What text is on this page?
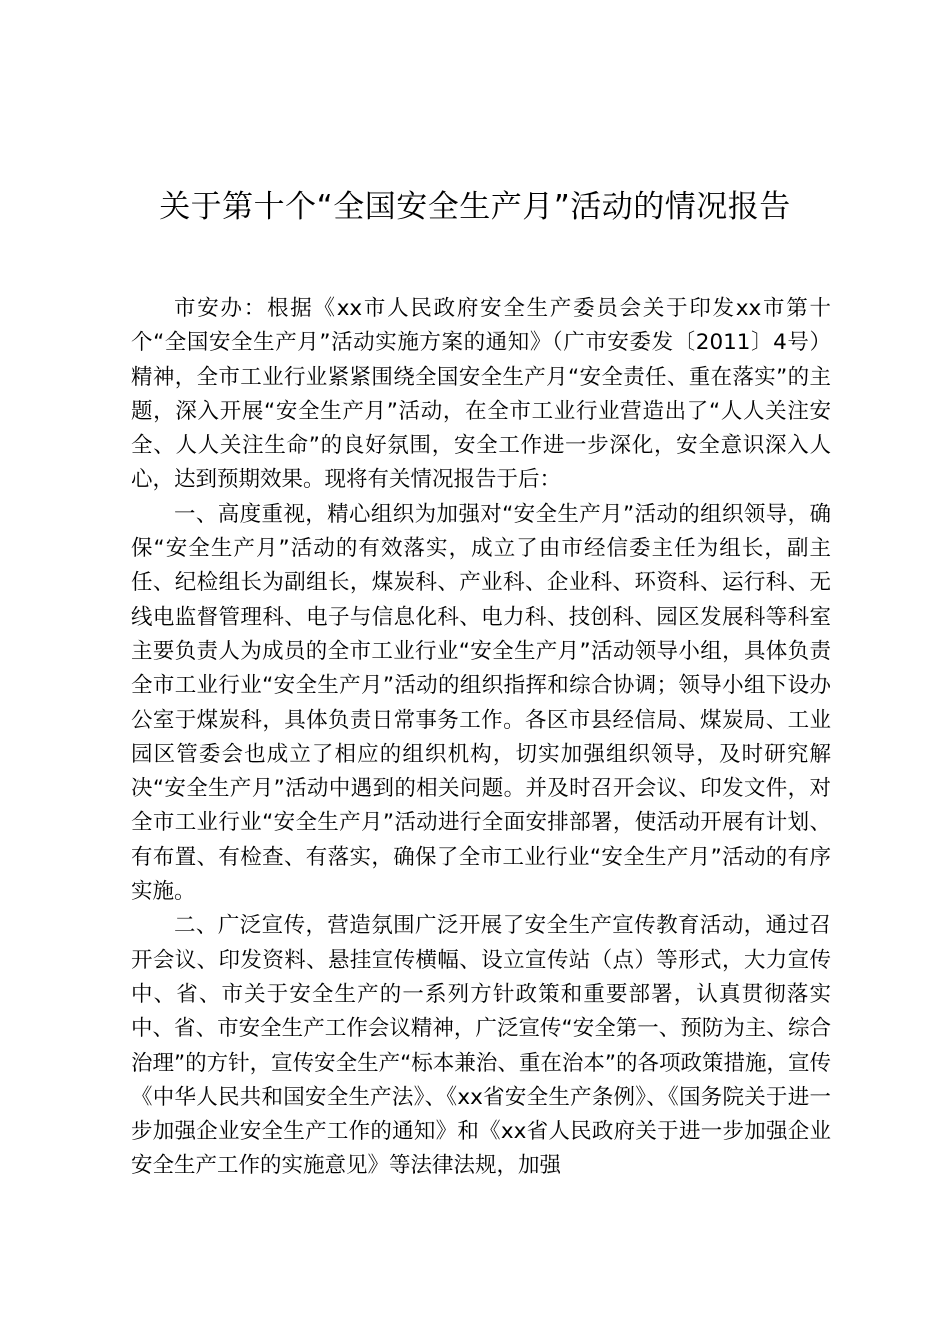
关于第十个“全国安全生产月”活动的情况报告

市安办：根据《xx市人民政府安全生产委员会关于印发xx市第十个“全国安全生产月”活动实施方案的通知》（广市安委发〔2011〕4号）精神，全市工业行业紧紧围绕全国安全生产月“安全责任、重在落实”的主题，深入开展“安全生产月”活动，在全市工业行业营造出了“人人关注安全、人人关注生命”的良好氛围，安全工作进一步深化，安全意识深入人心，达到预期效果。现将有关情况报告于后：

一、高度重视，精心组织为加强对“安全生产月”活动的组织领导，确保“安全生产月”活动的有效落实，成立了由市经信委主任为组长，副主任、纪检组长为副组长，煤炭科、产业科、企业科、环资科、运行科、无线电监督管理科、电子与信息化科、电力科、技创科、园区发展科等科室主要负责人为成员的全市工业行业“安全生产月”活动领导小组，具体负责全市工业行业“安全生产月”活动的组织指挥和综合协调；领导小组下设办公室于煤炭科，具体负责日常事务工作。各区市县经信局、煤炭局、工业园区管委会也成立了相应的组织机构，切实加强组织领导，及时研究解决“安全生产月”活动中遇到的相关问题。并及时召开会议、印发文件，对全市工业行业“安全生产月”活动进行全面安排部署，使活动开展有计划、有布置、有检查、有落实，确保了全市工业行业“安全生产月”活动的有序实施。

二、广泛宣传，营造氛围广泛开展了安全生产宣传教育活动，通过召开会议、印发资料、悬挂宣传横幅、设立宣传站（点）等形式，大力宣传中、省、市关于安全生产的一系列方针政策和重要部署，认真贯彻落实中、省、市安全生产工作会议精神，广泛宣传“安全第一、预防为主、综合治理”的方针，宣传安全生产“标本兼治、重在治本”的各项政策措施，宣传《中华人民共和国安全生产法》、《xx省安全生产条例》、《国务院关于进一步加强企业安全生产工作的通知》和《xx省人民政府关于进一步加强企业安全生产工作的实施意见》等法律法规，加强
